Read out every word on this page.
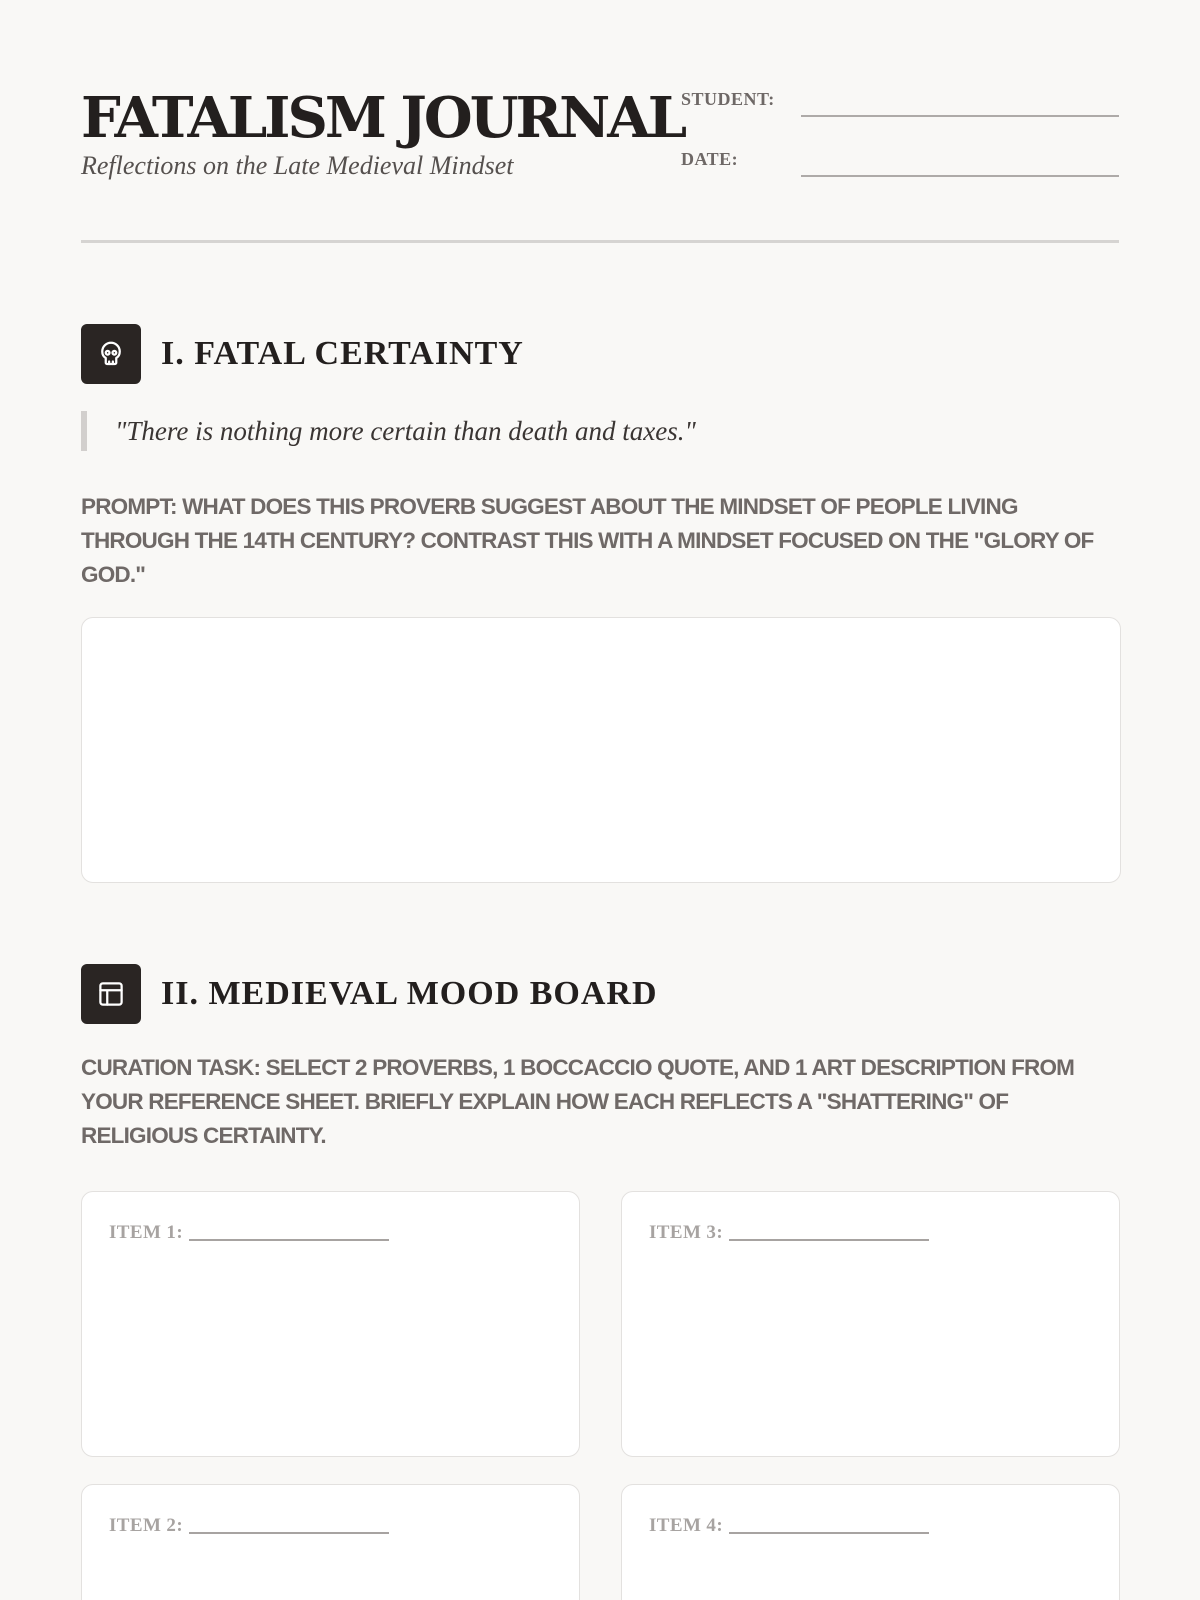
FATALISM JOURNAL
Reflections on the Late Medieval Mindset
STUDENT:
DATE:
I. FATAL CERTAINTY
"There is nothing more certain than death and taxes."
PROMPT: WHAT DOES THIS PROVERB SUGGEST ABOUT THE MINDSET OF PEOPLE LIVING THROUGH THE 14TH CENTURY? CONTRAST THIS WITH A MINDSET FOCUSED ON THE "GLORY OF GOD."
II. MEDIEVAL MOOD BOARD
CURATION TASK: SELECT 2 PROVERBS, 1 BOCCACCIO QUOTE, AND 1 ART DESCRIPTION FROM YOUR REFERENCE SHEET. BRIEFLY EXPLAIN HOW EACH REFLECTS A "SHATTERING" OF RELIGIOUS CERTAINTY.
ITEM 1:	ITEM 3:
ITEM 2:	ITEM 4:
